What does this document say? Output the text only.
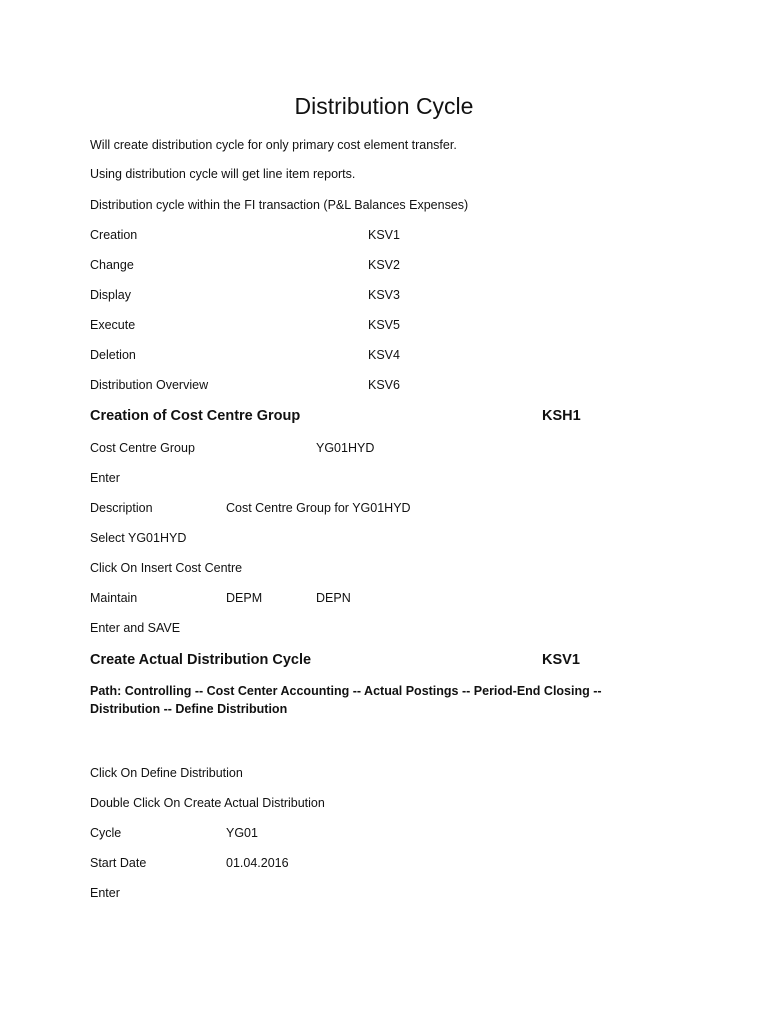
Distribution Cycle
Will create distribution cycle for only primary cost element transfer.
Using distribution cycle will get line item reports.
Distribution cycle within the FI transaction (P&L Balances Expenses)
Creation	KSV1
Change	KSV2
Display	KSV3
Execute	KSV5
Deletion	KSV4
Distribution Overview	KSV6
Creation of Cost Centre Group	KSH1
Cost Centre Group	YG01HYD
Enter
Description	Cost Centre Group for YG01HYD
Select YG01HYD
Click On Insert Cost Centre
Maintain	DEPM	DEPN
Enter and SAVE
Create Actual Distribution Cycle	KSV1
Path: Controlling -- Cost Center Accounting -- Actual Postings -- Period-End Closing -- Distribution -- Define Distribution
Click On Define Distribution
Double Click On Create Actual Distribution
Cycle	YG01
Start Date	01.04.2016
Enter
